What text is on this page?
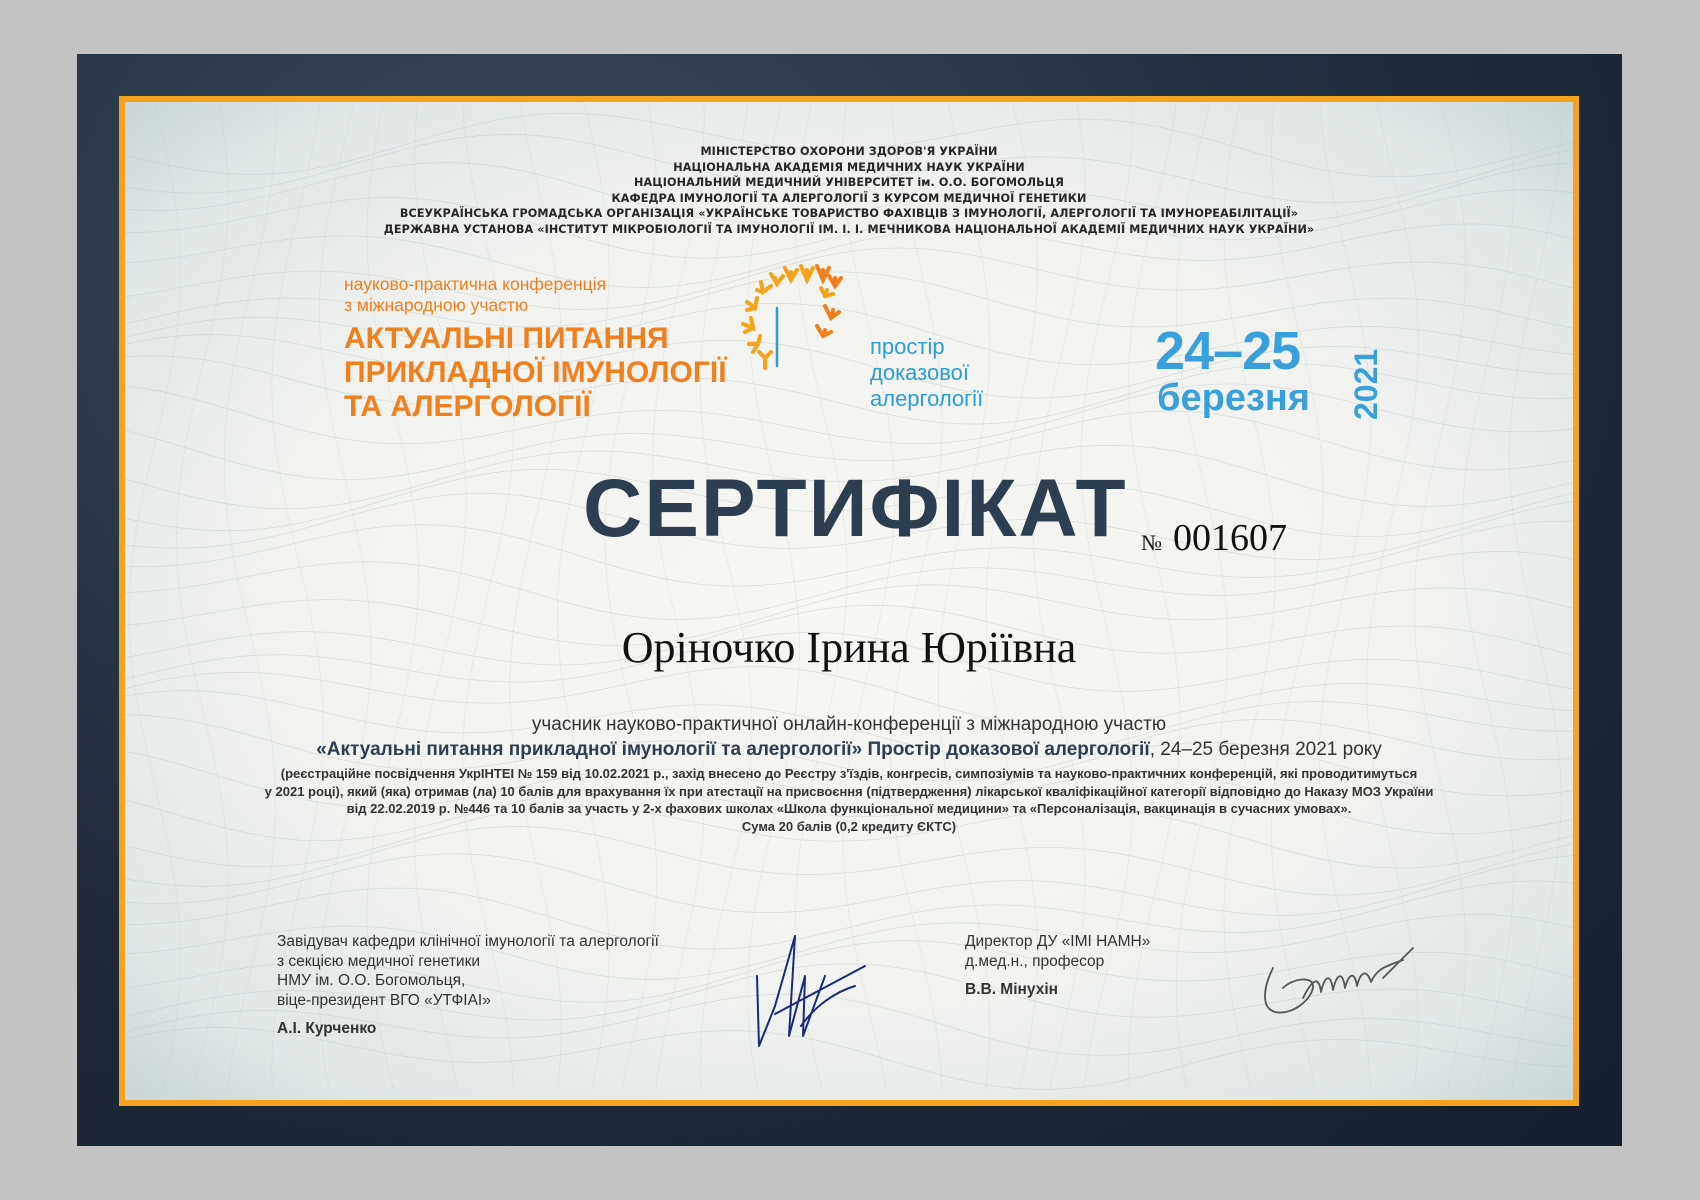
МІНІСТЕРСТВО ОХОРОНИ ЗДОРОВ'Я УКРАЇНИ
НАЦІОНАЛЬНА АКАДЕМІЯ МЕДИЧНИХ НАУК УКРАЇНИ
НАЦІОНАЛЬНИЙ МЕДИЧНИЙ УНІВЕРСИТЕТ ім. О.О. БОГОМОЛЬЦЯ
КАФЕДРА ІМУНОЛОГІЇ ТА АЛЕРГОЛОГІЇ З КУРСОМ МЕДИЧНОЇ ГЕНЕТИКИ
ВСЕУКРАЇНСЬКА ГРОМАДСЬКА ОРГАНІЗАЦІЯ «УКРАЇНСЬКЕ ТОВАРИСТВО ФАХІВЦІВ З ІМУНОЛОГІЇ, АЛЕРГОЛОГІЇ ТА ІМУНОРЕАБІЛІТАЦІЇ»
ДЕРЖАВНА УСТАНОВА «ІНСТИТУТ МІКРОБІОЛОГІЇ ТА ІМУНОЛОГІЇ ІМ. І. І. МЕЧНИКОВА НАЦІОНАЛЬНОЇ АКАДЕМІЇ МЕДИЧНИХ НАУК УКРАЇНИ»
науково-практична конференція
з міжнародною участю
АКТУАЛЬНІ ПИТАННЯ
ПРИКЛАДНОЇ ІМУНОЛОГІЇ
ТА АЛЕРГОЛОГІЇ
простір
доказової
алергології
24–25
березня 2021
СЕРТИФІКАТ № 001607
Оріночко Ірина Юріївна
учасник науково-практичної онлайн-конференції з міжнародною участю
«Актуальні питання прикладної імунології та алергології» Простір доказової алергології, 24–25 березня 2021 року
(реєстраційне посвідчення УкрІНТЕІ № 159 від 10.02.2021 р., захід внесено до Реєстру з'їздів, конгресів, симпозіумів та науково-практичних конференцій, які проводитимуться
у 2021 році), який (яка) отримав (ла) 10 балів для врахування їх при атестації на присвоєння (підтвердження) лікарської кваліфікаційної категорії відповідно до Наказу МОЗ України
від 22.02.2019 р. №446 та 10 балів за участь у 2-х фахових школах «Школа функціональної медицини» та «Персоналізація, вакцинація в сучасних умовах».
Сума 20 балів (0,2 кредиту ЄКТС)
Завідувач кафедри клінічної імунології та алергології
з секцією медичної генетики
НМУ ім. О.О. Богомольця,
віце-президент ВГО «УТФІАІ»
А.І. Курченко
Директор ДУ «ІМІ НАМН»
д.мед.н., професор
В.В. Мінухін
